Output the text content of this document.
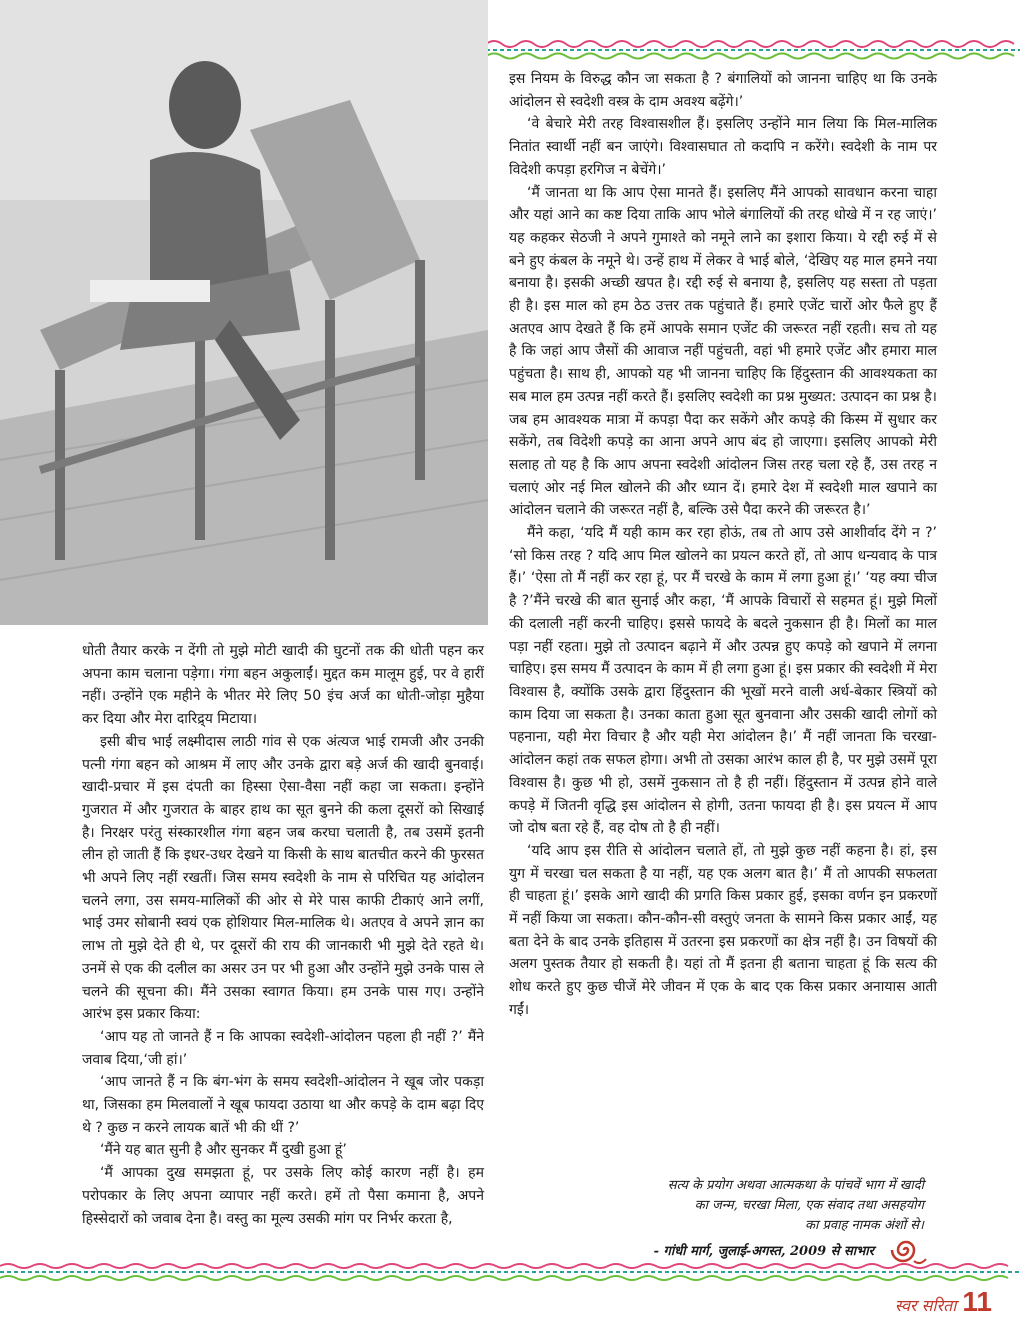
धोती तैयार करके न देंगी तो मुझे मोटी खादी की घुटनों तक की धोती पहन कर अपना काम चलाना पड़ेगा। गंगा बहन अकुलाईं। मुद्दत कम मालूम हुई, पर वे हारीं नहीं। उन्होंने एक महीने के भीतर मेरे लिए 50 इंच अर्ज का धोती-जोड़ा मुहैया कर दिया और मेरा दारिद्र्य मिटाया।

इसी बीच भाई लक्ष्मीदास लाठी गांव से एक अंत्यज भाई रामजी और उनकी पत्नी गंगा बहन को आश्रम में लाए और उनके द्वारा बड़े अर्ज की खादी बुनवाई। खादी-प्रचार में इस दंपती का हिस्सा ऐसा-वैसा नहीं कहा जा सकता। इन्होंने गुजरात में और गुजरात के बाहर हाथ का सूत बुनने की कला दूसरों को सिखाई है। निरक्षर परंतु संस्कारशील गंगा बहन जब करघा चलाती है, तब उसमें इतनी लीन हो जाती हैं कि इधर-उधर देखने या किसी के साथ बातचीत करने की फुरसत भी अपने लिए नहीं रखतीं। जिस समय स्वदेशी के नाम से परिचित यह आंदोलन चलने लगा, उस समय-मालिकों की ओर से मेरे पास काफी टीकाएं आने लगीं, भाई उमर सोबानी स्वयं एक होशियार मिल-मालिक थे। अतएव वे अपने ज्ञान का लाभ तो मुझे देते ही थे, पर दूसरों की राय की जानकारी भी मुझे देते रहते थे। उनमें से एक की दलील का असर उन पर भी हुआ और उन्होंने मुझे उनके पास ले चलने की सूचना की। मैंने उसका स्वागत किया। हम उनके पास गए। उन्होंने आरंभ इस प्रकार किया:

‘आप यह तो जानते हैं न कि आपका स्वदेशी-आंदोलन पहला ही नहीं ?’ मैंने जवाब दिया,‘जी हां।’

‘आप जानते हैं न कि बंग-भंग के समय स्वदेशी-आंदोलन ने खूब जोर पकड़ा था, जिसका हम मिलवालों ने खूब फायदा उठाया था और कपड़े के दाम बढ़ा दिए थे ? कुछ न करने लायक बातें भी की थीं ?’

‘मैंने यह बात सुनी है और सुनकर मैं दुखी हुआ हूं’

‘मैं आपका दुख समझता हूं, पर उसके लिए कोई कारण नहीं है। हम परोपकार के लिए अपना व्यापार नहीं करते। हमें तो पैसा कमाना है, अपने हिस्सेदारों को जवाब देना है। वस्तु का मूल्य उसकी मांग पर निर्भर करता है,

इस नियम के विरुद्ध कौन जा सकता है ? बंगालियों को जानना चाहिए था कि उनके आंदोलन से स्वदेशी वस्त्र के दाम अवश्य बढ़ेंगे।’

‘वे बेचारे मेरी तरह विश्वासशील हैं। इसलिए उन्होंने मान लिया कि मिल-मालिक नितांत स्वार्थी नहीं बन जाएंगे। विश्वासघात तो कदापि न करेंगे। स्वदेशी के नाम पर विदेशी कपड़ा हरगिज न बेचेंगे।’

‘मैं जानता था कि आप ऐसा मानते हैं। इसलिए मैंने आपको सावधान करना चाहा और यहां आने का कष्ट दिया ताकि आप भोले बंगालियों की तरह धोखे में न रह जाएं।’ यह कहकर सेठजी ने अपने गुमाश्ते को नमूने लाने का इशारा किया। ये रद्दी रुई में से बने हुए कंबल के नमूने थे। उन्हें हाथ में लेकर वे भाई बोले, ‘देखिए यह माल हमने नया बनाया है। इसकी अच्छी खपत है। रद्दी रुई से बनाया है, इसलिए यह सस्ता तो पड़ता ही है। इस माल को हम ठेठ उत्तर तक पहुंचाते हैं। हमारे एजेंट चारों ओर फैले हुए हैं अतएव आप देखते हैं कि हमें आपके समान एजेंट की जरूरत नहीं रहती। सच तो यह है कि जहां आप जैसों की आवाज नहीं पहुंचती, वहां भी हमारे एजेंट और हमारा माल पहुंचता है। साथ ही, आपको यह भी जानना चाहिए कि हिंदुस्तान की आवश्यकता का सब माल हम उत्पन्न नहीं करते हैं। इसलिए स्वदेशी का प्रश्न मुख्यत: उत्पादन का प्रश्न है। जब हम आवश्यक मात्रा में कपड़ा पैदा कर सकेंगे और कपड़े की किस्म में सुधार कर सकेंगे, तब विदेशी कपड़े का आना अपने आप बंद हो जाएगा। इसलिए आपको मेरी सलाह तो यह है कि आप अपना स्वदेशी आंदोलन जिस तरह चला रहे हैं, उस तरह न चलाएं ओर नई मिल खोलने की और ध्यान दें। हमारे देश में स्वदेशी माल खपाने का आंदोलन चलाने की जरूरत नहीं है, बल्कि उसे पैदा करने की जरूरत है।’

मैंने कहा, ‘यदि मैं यही काम कर रहा होऊं, तब तो आप उसे आशीर्वाद देंगे न ?’ ‘सो किस तरह ? यदि आप मिल खोलने का प्रयत्न करते हों, तो आप धन्यवाद के पात्र हैं।’ ‘ऐसा तो मैं नहीं कर रहा हूं, पर मैं चरखे के काम में लगा हुआ हूं।’ ‘यह क्या चीज है ?’मैंने चरखे की बात सुनाई और कहा, ‘मैं आपके विचारों से सहमत हूं। मुझे मिलों की दलाली नहीं करनी चाहिए। इससे फायदे के बदले नुकसान ही है। मिलों का माल पड़ा नहीं रहता। मुझे तो उत्पादन बढ़ाने में और उत्पन्न हुए कपड़े को खपाने में लगना चाहिए। इस समय मैं उत्पादन के काम में ही लगा हुआ हूं। इस प्रकार की स्वदेशी में मेरा विश्वास है, क्योंकि उसके द्वारा हिंदुस्तान की भूखों मरने वाली अर्ध-बेकार स्त्रियों को काम दिया जा सकता है। उनका काता हुआ सूत बुनवाना और उसकी खादी लोगों को पहनाना, यही मेरा विचार है और यही मेरा आंदोलन है।’ मैं नहीं जानता कि चरखा-आंदोलन कहां तक सफल होगा। अभी तो उसका आरंभ काल ही है, पर मुझे उसमें पूरा विश्वास है। कुछ भी हो, उसमें नुकसान तो है ही नहीं। हिंदुस्तान में उत्पन्न होने वाले कपड़े में जितनी वृद्धि इस आंदोलन से होगी, उतना फायदा ही है। इस प्रयत्न में आप जो दोष बता रहे हैं, वह दोष तो है ही नहीं।

‘यदि आप इस रीति से आंदोलन चलाते हों, तो मुझे कुछ नहीं कहना है। हां, इस युग में चरखा चल सकता है या नहीं, यह एक अलग बात है।’ मैं तो आपकी सफलता ही चाहता हूं।’ इसके आगे खादी की प्रगति किस प्रकार हुई, इसका वर्णन इन प्रकरणों में नहीं किया जा सकता। कौन-कौन-सी वस्तुएं जनता के सामने किस प्रकार आईं, यह बता देने के बाद उनके इतिहास में उतरना इस प्रकरणों का क्षेत्र नहीं है। उन विषयों की अलग पुस्तक तैयार हो सकती है। यहां तो मैं इतना ही बताना चाहता हूं कि सत्य की शोध करते हुए कुछ चीजें मेरे जीवन में एक के बाद एक किस प्रकार अनायास आती गईं।

सत्य के प्रयोग अथवा आत्मकथा के पांचवें भाग में खादी
का जन्म, चरखा मिला, एक संवाद तथा असहयोग
का प्रवाह नामक अंशों से।
- गांधी मार्ग, जुलाई-अगस्त, 2009 से साभार
स्वर सरिता 11
